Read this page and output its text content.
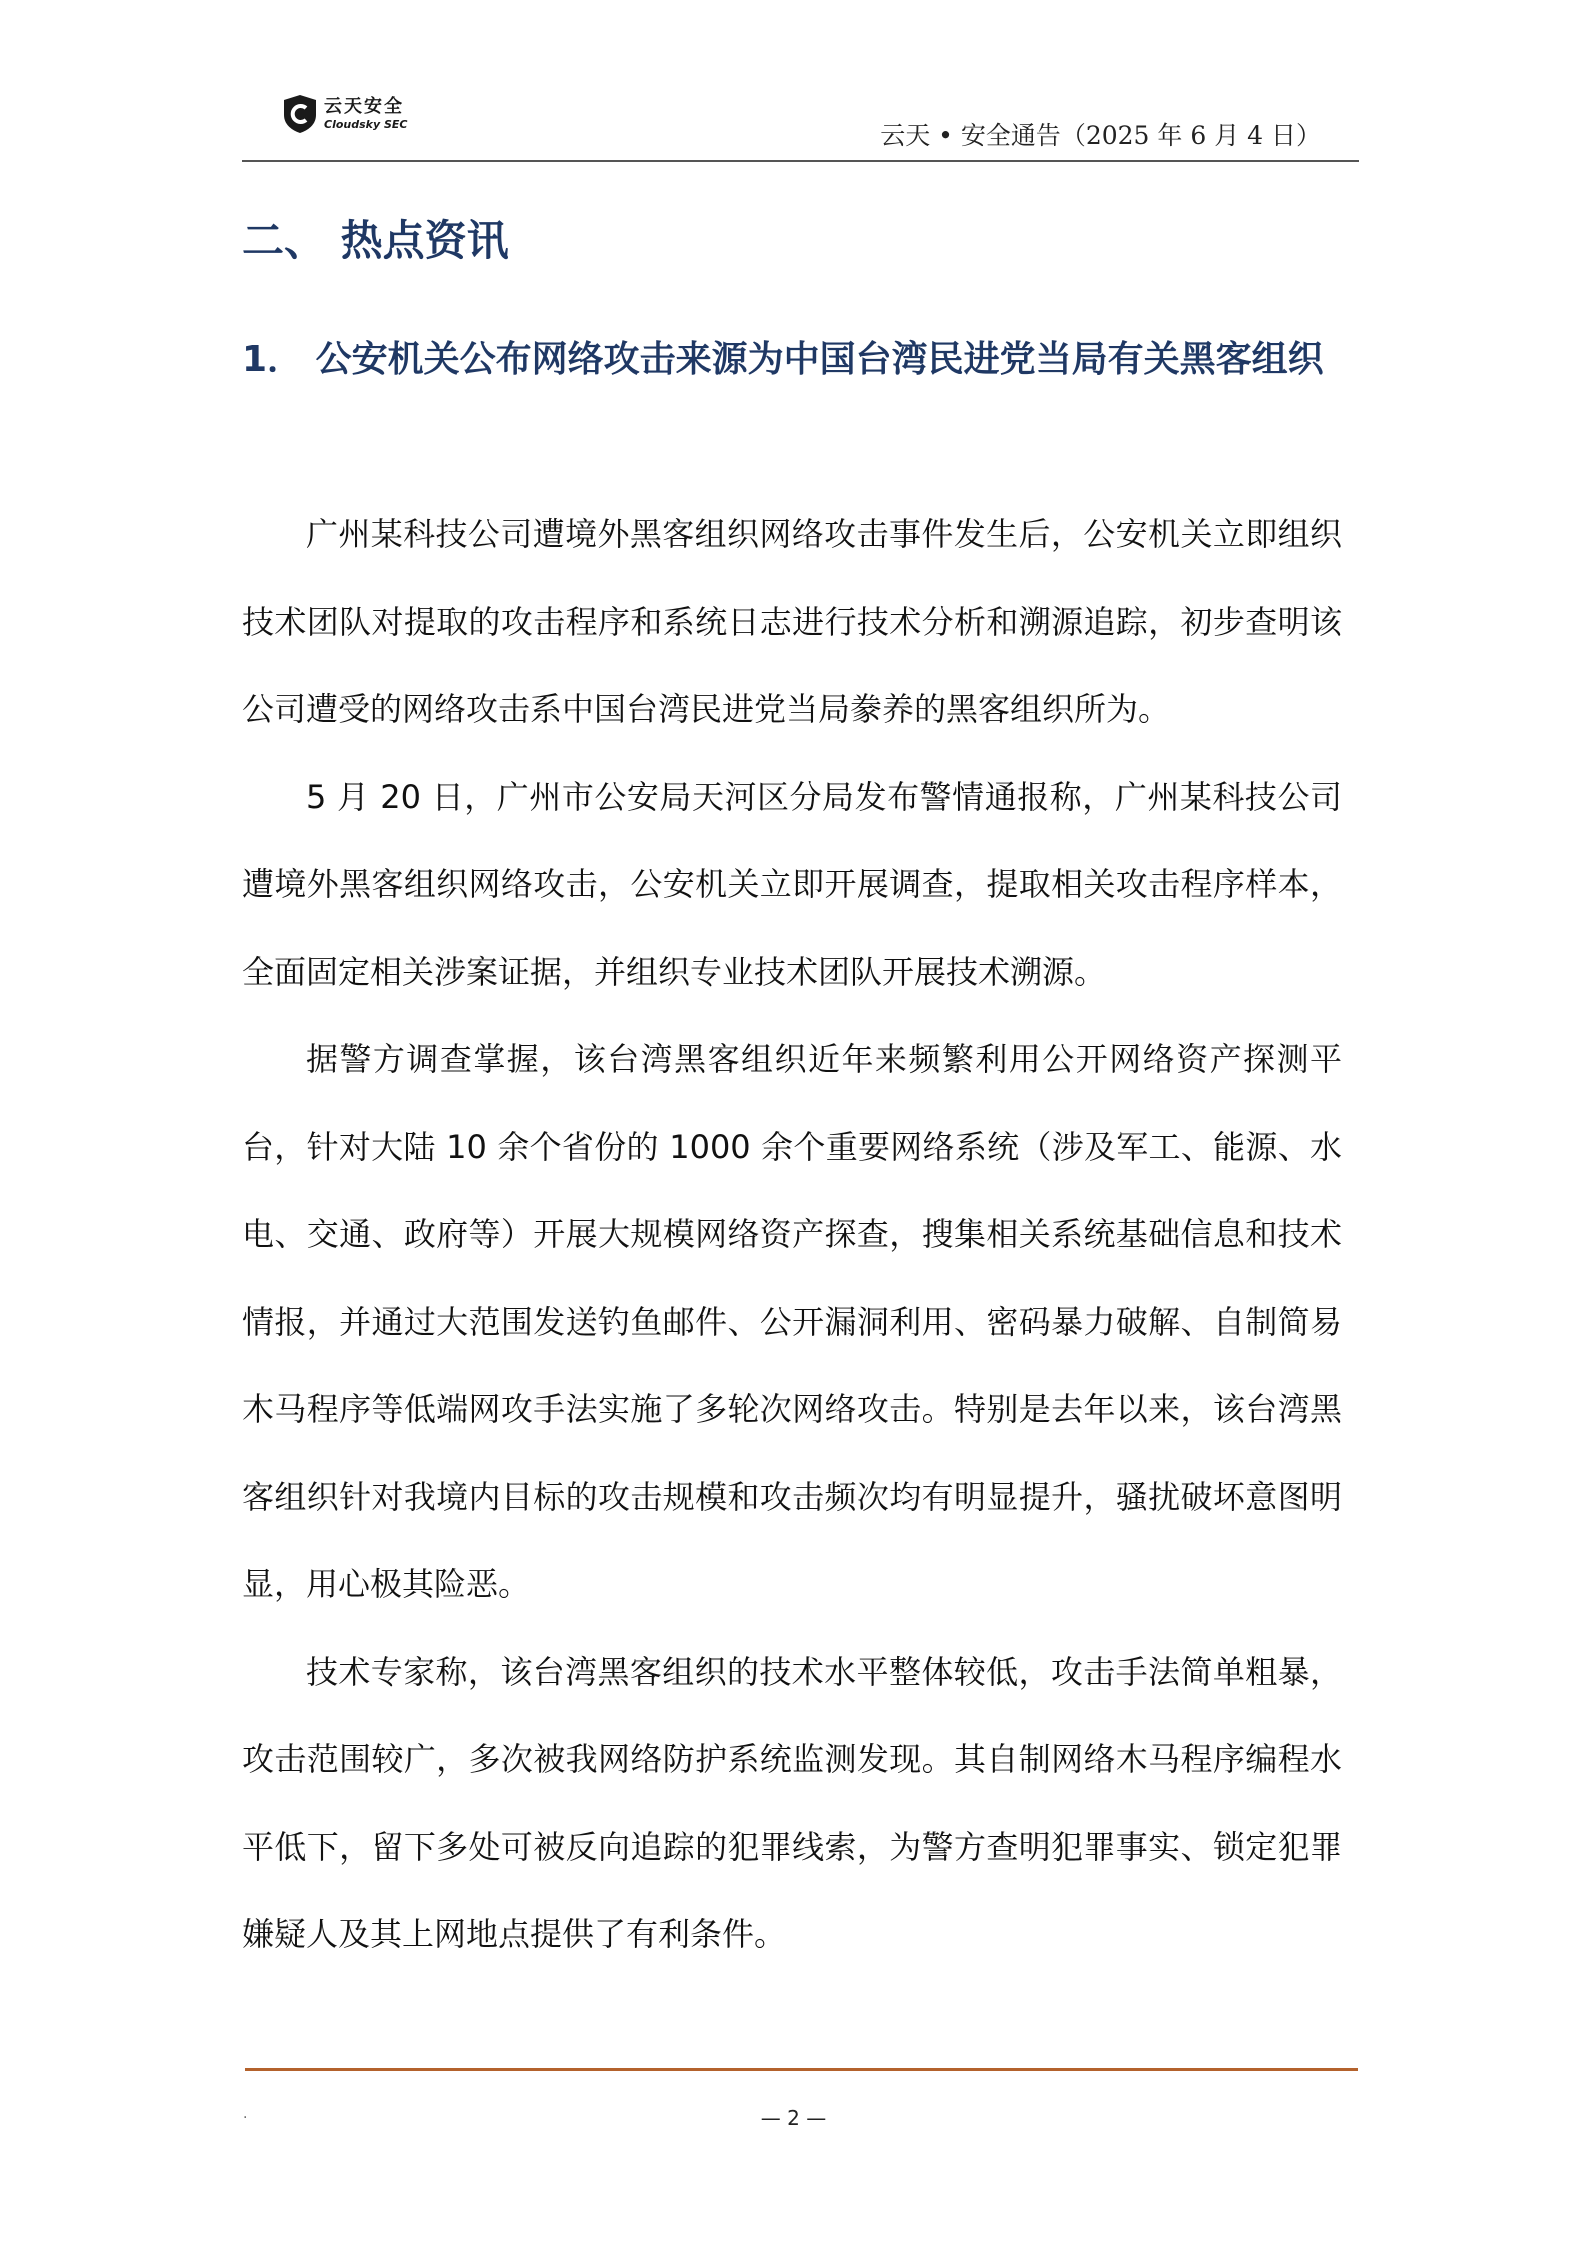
云天安全
Cloudsky SEC	云天 • 安全通告（2025 年 6 月 4 日）
二、 热点资讯
1． 公安机关公布网络攻击来源为中国台湾民进党当局有关黑客组织

广州某科技公司遭境外黑客组织网络攻击事件发生后，公安机关立即组织技术团队对提取的攻击程序和系统日志进行技术分析和溯源追踪，初步查明该公司遭受的网络攻击系中国台湾民进党当局豢养的黑客组织所为。

5 月 20 日，广州市公安局天河区分局发布警情通报称，广州某科技公司遭境外黑客组织网络攻击，公安机关立即开展调查，提取相关攻击程序样本，全面固定相关涉案证据，并组织专业技术团队开展技术溯源。

据警方调查掌握，该台湾黑客组织近年来频繁利用公开网络资产探测平台，针对大陆 10 余个省份的 1000 余个重要网络系统（涉及军工、能源、水电、交通、政府等）开展大规模网络资产探查，搜集相关系统基础信息和技术情报，并通过大范围发送钓鱼邮件、公开漏洞利用、密码暴力破解、自制简易木马程序等低端网攻手法实施了多轮次网络攻击。特别是去年以来，该台湾黑客组织针对我境内目标的攻击规模和攻击频次均有明显提升，骚扰破坏意图明显，用心极其险恶。

技术专家称，该台湾黑客组织的技术水平整体较低，攻击手法简单粗暴，攻击范围较广，多次被我网络防护系统监测发现。其自制网络木马程序编程水平低下，留下多处可被反向追踪的犯罪线索，为警方查明犯罪事实、锁定犯罪嫌疑人及其上网地点提供了有利条件。

.	— 2 —
